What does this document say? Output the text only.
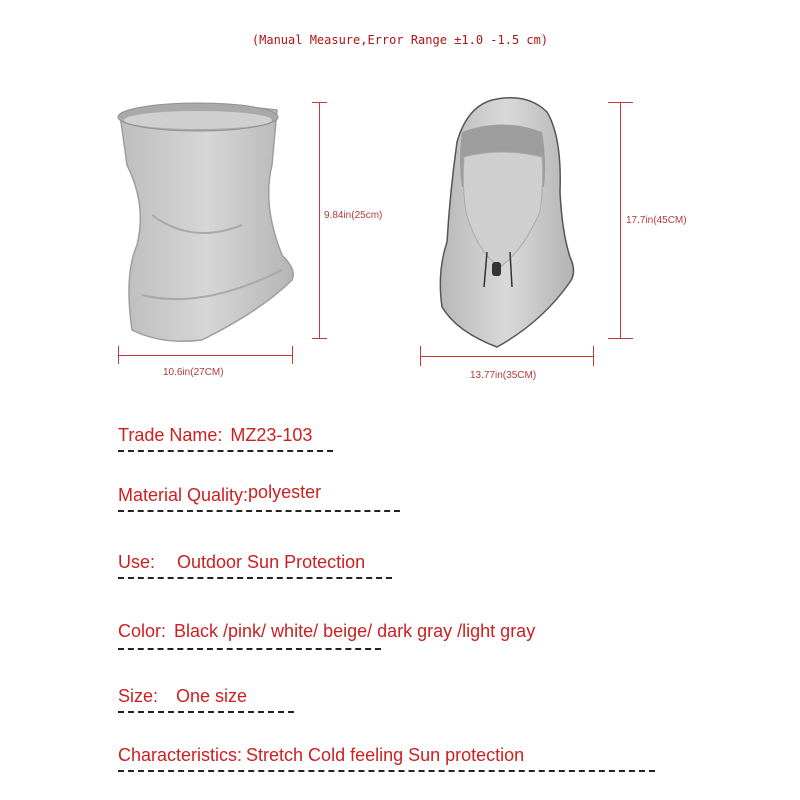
(Manual Measure,Error Range ±1.0 -1.5 cm)
9.84in(25cm)
10.6in(27CM)
17.7in(45CM)
13.77in(35CM)
Trade Name: MZ23-103
Material Quality:polyester
Use: Outdoor Sun Protection
Color: Black /pink/ white/ beige/ dark gray /light gray
Size: One size
Characteristics: Stretch Cold feeling Sun protection
